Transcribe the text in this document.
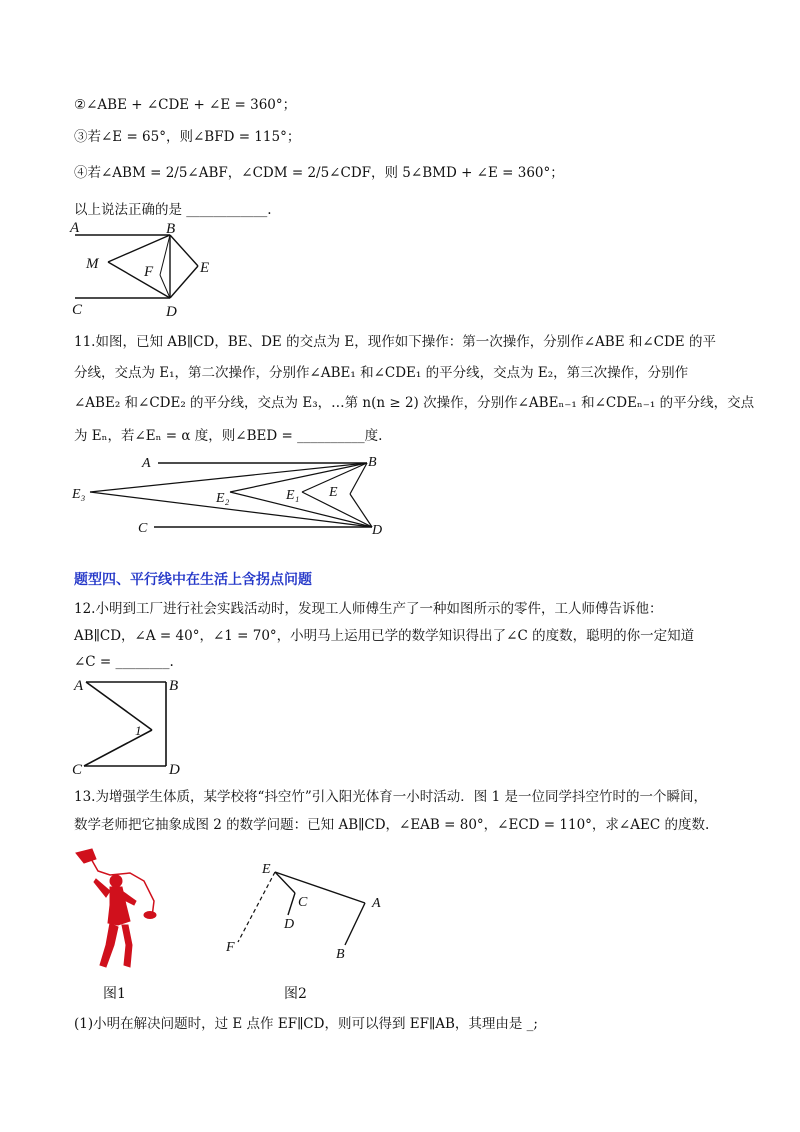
②∠ABE + ∠CDE + ∠E = 360°；
③若∠E = 65°，则∠BFD = 115°；
④若∠ABM = 2/5∠ABF，∠CDM = 2/5∠CDF，则 5∠BMD + ∠E = 360°；
以上说法正确的是 ____________.
A	B
M	F	E
C	D
11.如图，已知 AB∥CD，BE、DE 的交点为 E，现作如下操作：第一次操作，分别作∠ABE 和∠CDE 的平
分线，交点为 E₁，第二次操作，分别作∠ABE₁ 和∠CDE₁ 的平分线，交点为 E₂，第三次操作，分别作
∠ABE₂ 和∠CDE₂ 的平分线，交点为 E₃，…第 n(n ≥ 2) 次操作，分别作∠ABEₙ₋₁ 和∠CDEₙ₋₁ 的平分线，交点
为 Eₙ，若∠Eₙ = α 度，则∠BED = __________度.
A	B
E₃	E₂	E₁ E
C	D
题型四、平行线中在生活上含拐点问题
12.小明到工厂进行社会实践活动时，发现工人师傅生产了一种如图所示的零件，工人师傅告诉他：
AB∥CD，∠A = 40°，∠1 = 70°，小明马上运用已学的数学知识得出了∠C 的度数，聪明的你一定知道
∠C = ________.
A	B
1
C	D
13.为增强学生体质，某学校将“抖空竹”引入阳光体育一小时活动．图 1 是一位同学抖空竹时的一个瞬间，
数学老师把它抽象成图 2 的数学问题：已知 AB∥CD，∠EAB = 80°，∠ECD = 110°，求∠AEC 的度数.
图1
E
C
D
A
F	B
图2
(1)小明在解决问题时，过 E 点作 EF∥CD，则可以得到 EF∥AB，其理由是 _;
